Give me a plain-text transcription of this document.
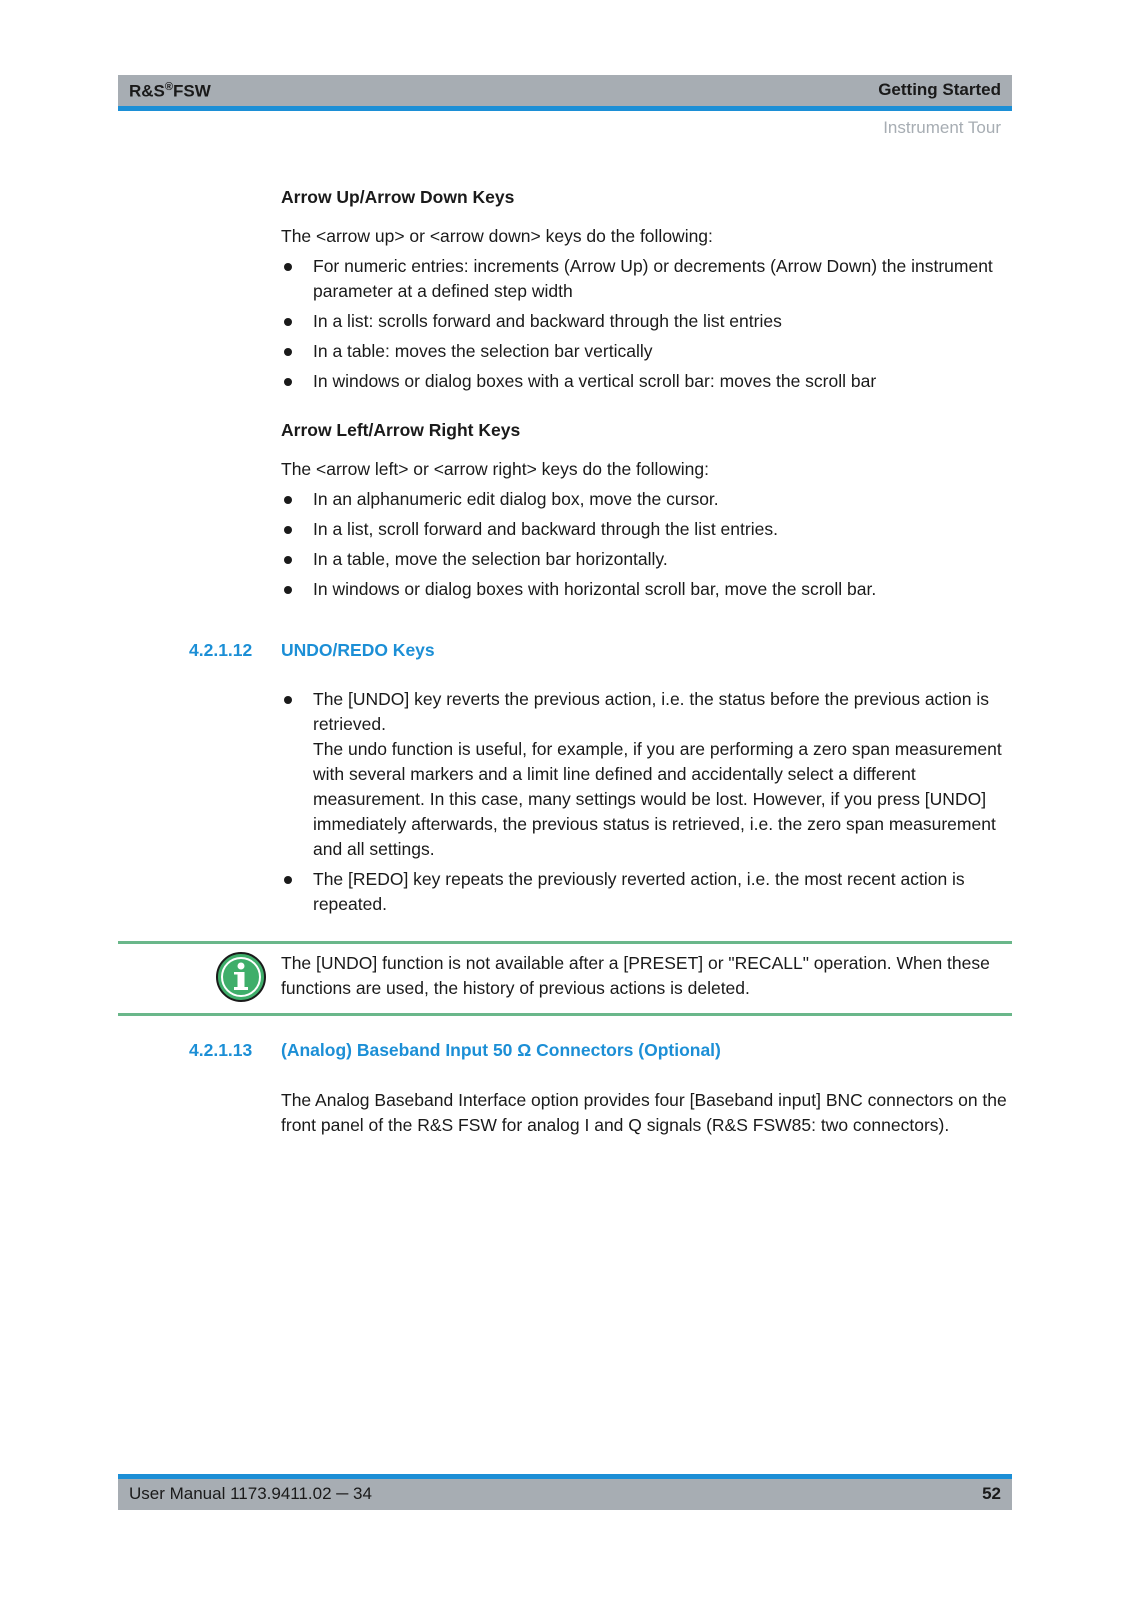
R&S®FSW	Getting Started
Instrument Tour
Arrow Up/Arrow Down Keys
The <arrow up> or <arrow down> keys do the following:
For numeric entries: increments (Arrow Up) or decrements (Arrow Down) the instrument parameter at a defined step width
In a list: scrolls forward and backward through the list entries
In a table: moves the selection bar vertically
In windows or dialog boxes with a vertical scroll bar: moves the scroll bar
Arrow Left/Arrow Right Keys
The <arrow left> or <arrow right> keys do the following:
In an alphanumeric edit dialog box, move the cursor.
In a list, scroll forward and backward through the list entries.
In a table, move the selection bar horizontally.
In windows or dialog boxes with horizontal scroll bar, move the scroll bar.
4.2.1.12 UNDO/REDO Keys
The [UNDO] key reverts the previous action, i.e. the status before the previous action is retrieved.
The undo function is useful, for example, if you are performing a zero span measurement with several markers and a limit line defined and accidentally select a different measurement. In this case, many settings would be lost. However, if you press [UNDO] immediately afterwards, the previous status is retrieved, i.e. the zero span measurement and all settings.
The [REDO] key repeats the previously reverted action, i.e. the most recent action is repeated.
The [UNDO] function is not available after a [PRESET] or "RECALL" operation. When these functions are used, the history of previous actions is deleted.
4.2.1.13 (Analog) Baseband Input 50 Ω Connectors (Optional)
The Analog Baseband Interface option provides four [Baseband input] BNC connectors on the front panel of the R&S FSW for analog I and Q signals (R&S FSW85: two connectors).
User Manual 1173.9411.02 ─ 34	52
